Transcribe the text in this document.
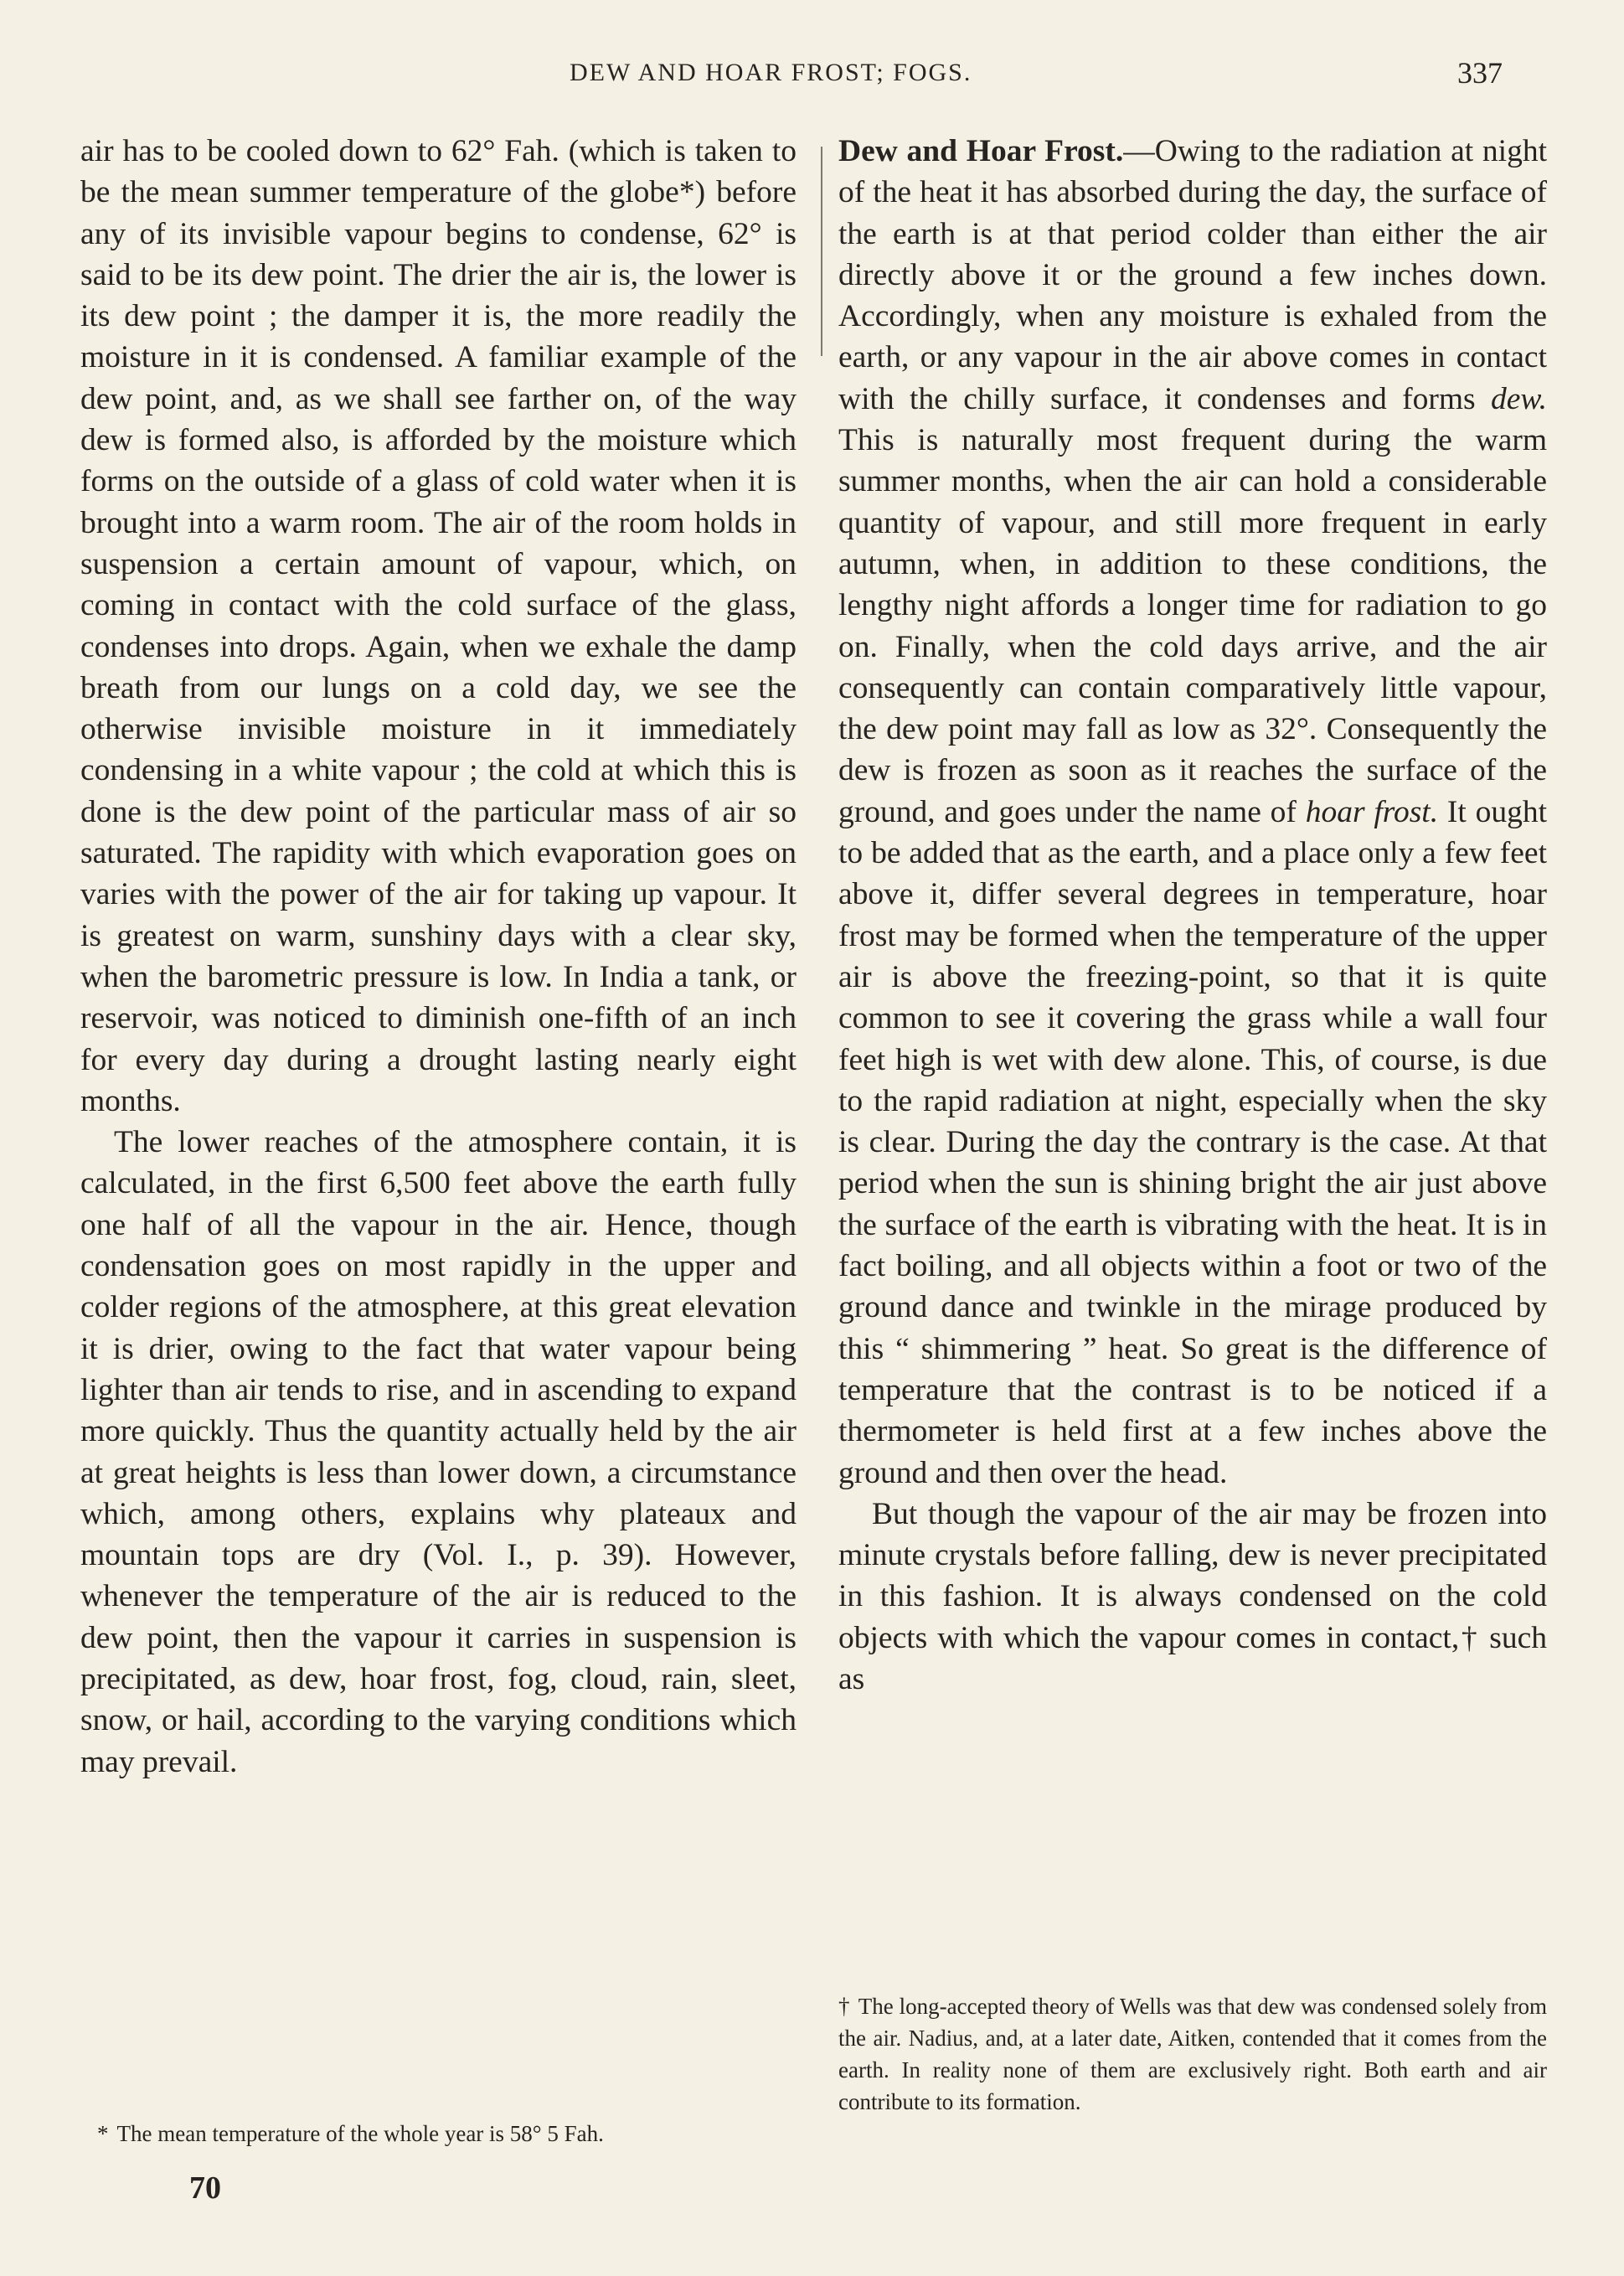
DEW AND HOAR FROST; FOGS.	337

air has to be cooled down to 62° Fah. (which is taken to be the mean summer temperature of the globe*) before any of its invisible vapour begins to condense, 62° is said to be its dew point. The drier the air is, the lower is its dew point ; the damper it is, the more readily the moisture in it is condensed. A familiar example of the dew point, and, as we shall see farther on, of the way dew is formed also, is afforded by the moisture which forms on the outside of a glass of cold water when it is brought into a warm room. The air of the room holds in suspension a certain amount of vapour, which, on coming in contact with the cold surface of the glass, condenses into drops. Again, when we exhale the damp breath from our lungs on a cold day, we see the otherwise invisible moisture in it immediately condensing in a white vapour ; the cold at which this is done is the dew point of the particular mass of air so saturated. The rapidity with which evaporation goes on varies with the power of the air for taking up vapour. It is greatest on warm, sunshiny days with a clear sky, when the barometric pressure is low. In India a tank, or reservoir, was noticed to diminish one-fifth of an inch for every day during a drought lasting nearly eight months.

The lower reaches of the atmosphere contain, it is calculated, in the first 6,500 feet above the earth fully one half of all the vapour in the air. Hence, though condensation goes on most rapidly in the upper and colder regions of the atmosphere, at this great elevation it is drier, owing to the fact that water vapour being lighter than air tends to rise, and in ascending to expand more quickly. Thus the quantity actually held by the air at great heights is less than lower down, a circumstance which, among others, explains why plateaux and mountain tops are dry (Vol. I., p. 39). However, whenever the temperature of the air is reduced to the dew point, then the vapour it carries in suspension is precipitated, as dew, hoar frost, fog, cloud, rain, sleet, snow, or hail, according to the varying conditions which may prevail.

Dew and Hoar Frost.—Owing to the radiation at night of the heat it has absorbed during the day, the surface of the earth is at that period colder than either the air directly above it or the ground a few inches down. Accordingly, when any moisture is exhaled from the earth, or any vapour in the air above comes in contact with the chilly surface, it condenses and forms dew. This is naturally most frequent during the warm summer months, when the air can hold a considerable quantity of vapour, and still more frequent in early autumn, when, in addition to these conditions, the lengthy night affords a longer time for radiation to go on. Finally, when the cold days arrive, and the air consequently can contain comparatively little vapour, the dew point may fall as low as 32°. Consequently the dew is frozen as soon as it reaches the surface of the ground, and goes under the name of hoar frost. It ought to be added that as the earth, and a place only a few feet above it, differ several degrees in temperature, hoar frost may be formed when the temperature of the upper air is above the freezing-point, so that it is quite common to see it covering the grass while a wall four feet high is wet with dew alone. This, of course, is due to the rapid radiation at night, especially when the sky is clear. During the day the contrary is the case. At that period when the sun is shining bright the air just above the surface of the earth is vibrating with the heat. It is in fact boiling, and all objects within a foot or two of the ground dance and twinkle in the mirage produced by this “ shimmering ” heat. So great is the difference of temperature that the contrast is to be noticed if a thermometer is held first at a few inches above the ground and then over the head.

But though the vapour of the air may be frozen into minute crystals before falling, dew is never precipitated in this fashion. It is always condensed on the cold objects with which the vapour comes in contact,† such as

* The mean temperature of the whole year is 58° 5 Fah.
† The long-accepted theory of Wells was that dew was condensed solely from the air. Nadius, and, at a later date, Aitken, contended that it comes from the earth. In reality none of them are exclusively right. Both earth and air contribute to its formation.
70
